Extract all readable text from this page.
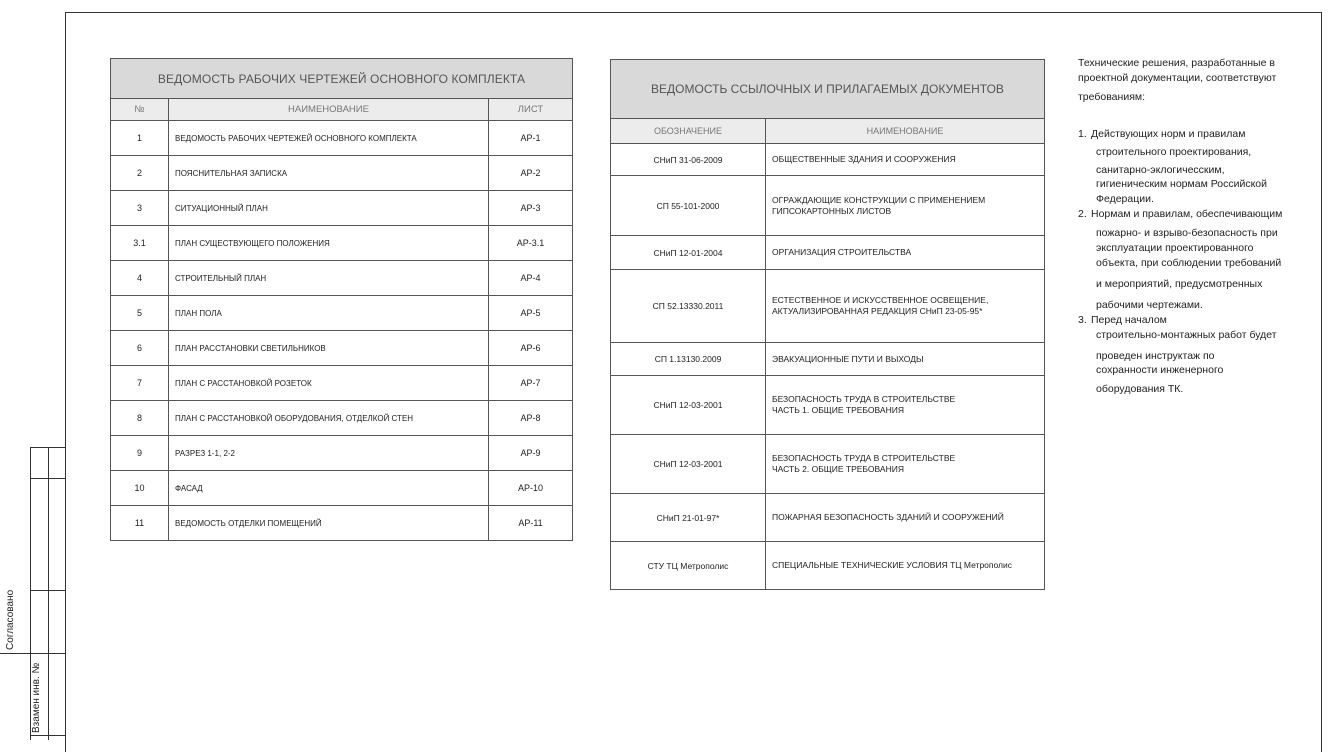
Согласовано
Взамен инв. №
ВЕДОМОСТЬ РАБОЧИХ ЧЕРТЕЖЕЙ ОСНОВНОГО КОМПЛЕКТА		
№	НАИМЕНОВАНИЕ	ЛИСТ
1	ВЕДОМОСТЬ РАБОЧИХ ЧЕРТЕЖЕЙ ОСНОВНОГО КОМПЛЕКТА	АР-1
2	ПОЯСНИТЕЛЬНАЯ ЗАПИСКА	АР-2
3	СИТУАЦИОННЫЙ ПЛАН	АР-3
3.1	ПЛАН СУЩЕСТВУЮЩЕГО ПОЛОЖЕНИЯ	АР-3.1
4	СТРОИТЕЛЬНЫЙ ПЛАН	АР-4
5	ПЛАН ПОЛА	АР-5
6	ПЛАН РАССТАНОВКИ СВЕТИЛЬНИКОВ	АР-6
7	ПЛАН С РАССТАНОВКОЙ РОЗЕТОК	АР-7
8	ПЛАН С РАССТАНОВКОЙ ОБОРУДОВАНИЯ, ОТДЕЛКОЙ СТЕН	АР-8
9	РАЗРЕЗ 1-1, 2-2	АР-9
10	ФАСАД	АР-10
11	ВЕДОМОСТЬ ОТДЕЛКИ ПОМЕЩЕНИЙ	АР-11
ВЕДОМОСТЬ ССЫЛОЧНЫХ И ПРИЛАГАЕМЫХ ДОКУМЕНТОВ	
ОБОЗНАЧЕНИЕ	НАИМЕНОВАНИЕ
СНиП 31-06-2009	ОБЩЕСТВЕННЫЕ ЗДАНИЯ И СООРУЖЕНИЯ

СП 55-101-2000	ОГРАЖДАЮЩИЕ КОНСТРУКЦИИ С ПРИМЕНЕНИЕМ
ГИПСОКАРТОННЫХ ЛИСТОВ

СНиП 12-01-2004	ОРГАНИЗАЦИЯ СТРОИТЕЛЬСТВА

СП 52.13330.2011	ЕСТЕСТВЕННОЕ И ИСКУССТВЕННОЕ ОСВЕЩЕНИЕ,
АКТУАЛИЗИРОВАННАЯ РЕДАКЦИЯ СНиП 23-05-95*

СП 1.13130.2009	ЭВАКУАЦИОННЫЕ ПУТИ И ВЫХОДЫ

СНиП 12-03-2001	БЕЗОПАСНОСТЬ ТРУДА В СТРОИТЕЛЬСТВЕ
ЧАСТЬ 1. ОБЩИЕ ТРЕБОВАНИЯ

СНиП 12-03-2001	БЕЗОПАСНОСТЬ ТРУДА В СТРОИТЕЛЬСТВЕ
ЧАСТЬ 2. ОБЩИЕ ТРЕБОВАНИЯ

СНиП 21-01-97*	ПОЖАРНАЯ БЕЗОПАСНОСТЬ ЗДАНИЙ И СООРУЖЕНИЙ

СТУ ТЦ Метрополис	СПЕЦИАЛЬНЫЕ ТЕХНИЧЕСКИЕ УСЛОВИЯ ТЦ Метрополис

Технические решения, разработанные в

проектной документации, соответствуют

требованиям:

1. Действующих норм и правилам
строительного проектирования,
санитарно-эклогичесским,
гигиеническим нормам Российской
Федерации.
2. Нормам и правилам, обеспечивающим
пожарно- и взрыво-безопасность при
эксплуатации проектированного
объекта, при соблюдении требований
и мероприятий, предусмотренных
рабочими чертежами.
3. Перед началом
строительно-монтажных работ будет
проведен инструктаж по
сохранности инженерного
оборудования ТК.
